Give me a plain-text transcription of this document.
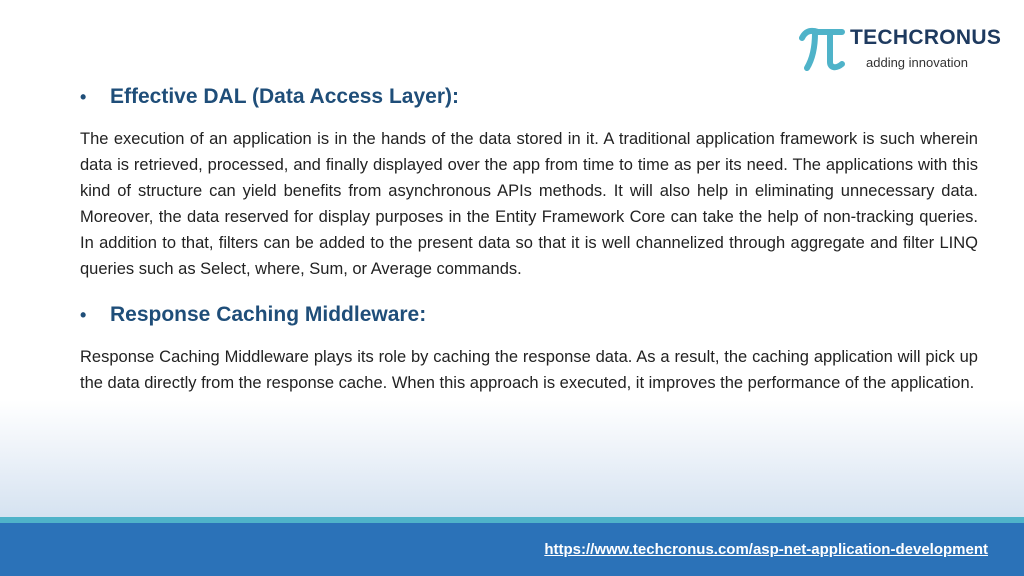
TECHCRONUS
adding innovation
• Effective DAL (Data Access Layer):

The execution of an application is in the hands of the data stored in it. A traditional application framework is such wherein data is retrieved, processed, and finally displayed over the app from time to time as per its need. The applications with this kind of structure can yield benefits from asynchronous APIs methods. It will also help in eliminating unnecessary data. Moreover, the data reserved for display purposes in the Entity Framework Core can take the help of non-tracking queries. In addition to that, filters can be added to the present data so that it is well channelized through aggregate and filter LINQ queries such as Select, where, Sum, or Average commands.

• Response Caching Middleware:

Response Caching Middleware plays its role by caching the response data. As a result, the caching application will pick up the data directly from the response cache. When this approach is executed, it improves the performance of the application.

https://www.techcronus.com/asp-net-application-development
